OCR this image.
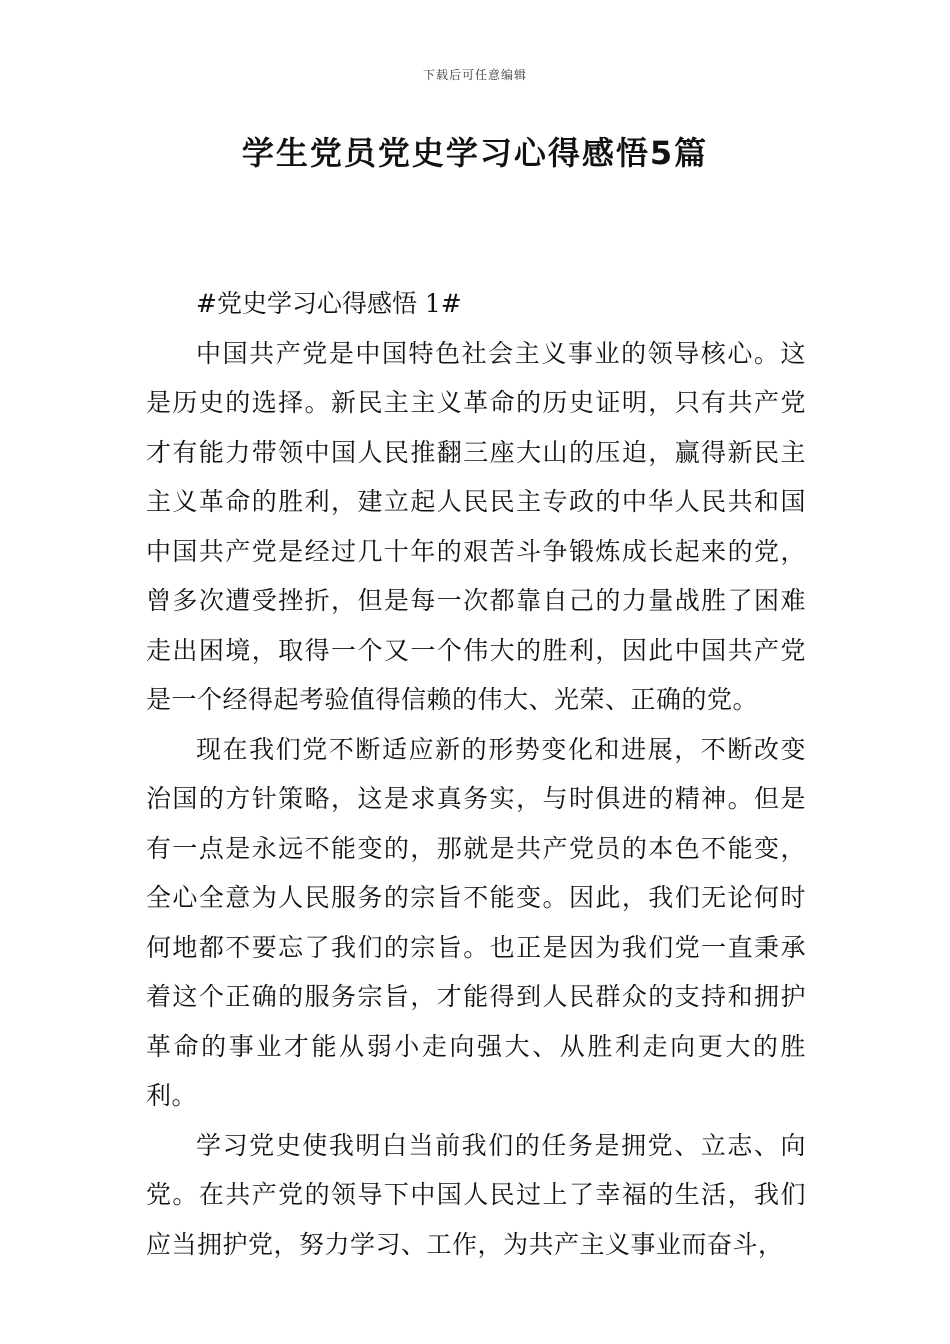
下载后可任意编辑
学生党员党史学习心得感悟5篇
#党史学习心得感悟 1#

中国共产党是中国特色社会主义事业的领导核心。这是历史的选择。新民主主义革命的历史证明，只有共产党才有能力带领中国人民推翻三座大山的压迫，赢得新民主主义革命的胜利，建立起人民民主专政的中华人民共和国中国共产党是经过几十年的艰苦斗争锻炼成长起来的党，曾多次遭受挫折，但是每一次都靠自己的力量战胜了困难走出困境，取得一个又一个伟大的胜利，因此中国共产党是一个经得起考验值得信赖的伟大、光荣、正确的党。

现在我们党不断适应新的形势变化和进展，不断改变治国的方针策略，这是求真务实，与时俱进的精神。但是有一点是永远不能变的，那就是共产党员的本色不能变，全心全意为人民服务的宗旨不能变。因此，我们无论何时何地都不要忘了我们的宗旨。也正是因为我们党一直秉承着这个正确的服务宗旨，才能得到人民群众的支持和拥护革命的事业才能从弱小走向强大、从胜利走向更大的胜利。

学习党史使我明白当前我们的任务是拥党、立志、向党。在共产党的领导下中国人民过上了幸福的生活，我们应当拥护党，努力学习、工作，为共产主义事业而奋斗，
